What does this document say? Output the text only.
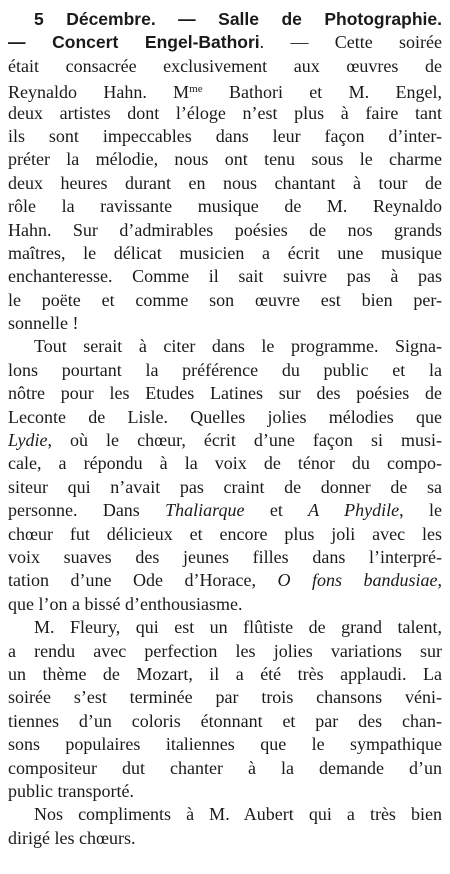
5 Décembre. — Salle de Photographie.
— Concert Engel-Bathori. — Cette soirée
était consacrée exclusivement aux œuvres de
Reynaldo Hahn. $M^{me}$ Bathori et M. Engel,
deux artistes dont l’éloge n’est plus à faire tant
ils sont impeccables dans leur façon d’inter-
préter la mélodie, nous ont tenu sous le charme
deux heures durant en nous chantant à tour de
rôle la ravissante musique de M. Reynaldo
Hahn. Sur d’admirables poésies de nos grands
maîtres, le délicat musicien a écrit une musique
enchanteresse. Comme il sait suivre pas à pas
le poëte et comme son œuvre est bien per-
sonnelle !
Tout serait à citer dans le programme. Signa-
lons pourtant la préférence du public et la
nôtre pour les Etudes Latines sur des poésies de
Leconte de Lisle. Quelles jolies mélodies que
Lydie, où le chœur, écrit d’une façon si musi-
cale, a répondu à la voix de ténor du compo-
siteur qui n’avait pas craint de donner de sa
personne. Dans Thaliarque et A Phydile, le
chœur fut délicieux et encore plus joli avec les
voix suaves des jeunes filles dans l’interpré-
tation d’une Ode d’Horace, O fons bandusiae,
que l’on a bissé d’enthousiasme.
M. Fleury, qui est un flûtiste de grand talent,
a rendu avec perfection les jolies variations sur
un thème de Mozart, il a été très applaudi. La
soirée s’est terminée par trois chansons véni-
tiennes d’un coloris étonnant et par des chan-
sons populaires italiennes que le sympathique
compositeur dut chanter à la demande d’un
public transporté.
Nos compliments à M. Aubert qui a très bien
dirigé les chœurs.
